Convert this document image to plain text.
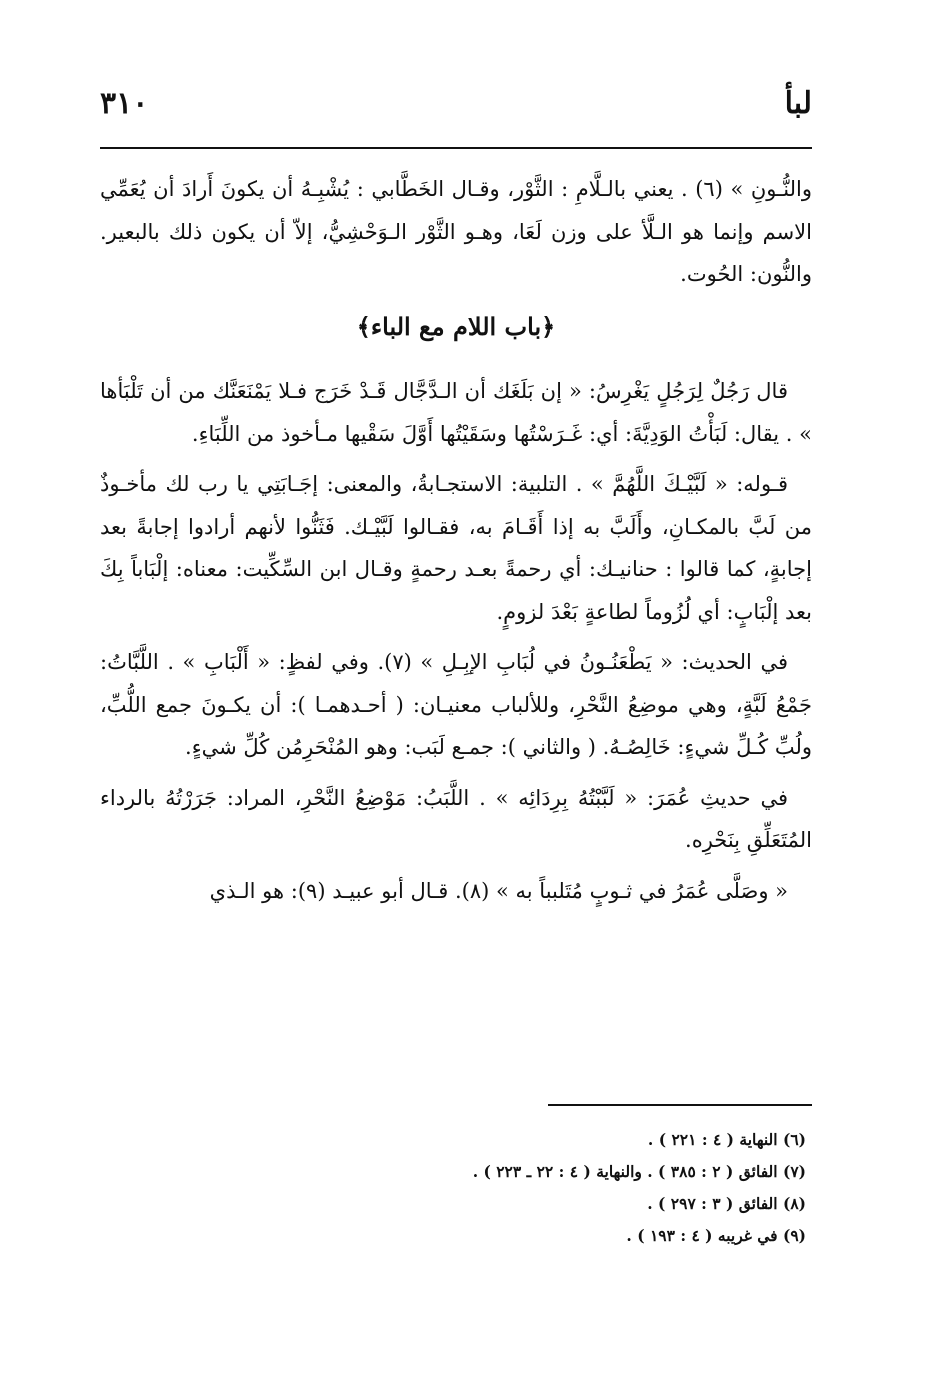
٣١٠	لبأ

والنُّـونِ » (٦) . يعني بالـلَّامِ : الثَّوْر، وقـال الخَطَّابي : يُشْبِـهُ أن يكونَ أَرادَ أن يُعَمِّي الاسم وإنما هو الـلَّأ على وزن لَعَا، وهـو الثَّوْر الـوَحْشِيُّ، إلاّ أن يكون ذلك بالبعير. والنُّون: الحُوت.

﴿باب اللام مع الباء﴾

قال رَجُلٌ لِرَجُلٍ يَغْرِسُ: « إن بَلَغَك أن الـدَّجَّال قَـدْ خَرَج فـلا يَمْنَعَنَّك من أن تَلْبَأها » . يقال: لَبَأْتُ الوَدِيَّةَ: أي: غَـرَسْتُها وسَقَيْتُها أَوَّلَ سَقْيها مـأخوذ من اللِّبَاءِ.

قـوله: « لَبَّيْـكَ اللَّهُمَّ » . التلبية: الاستجـابةُ، والمعنى: إجَـابَتِي يا رب لك مأخـوذٌ من لَبَّ بالمكـانِ، وأَلَبَّ به إذا أَقَـامَ به، فقـالوا لَبَّيْـك. فَثَنُّوا لأنهم أرادوا إجابةً بعد إجابةٍ، كما قالوا : حنانيـك: أي رحمةً بعـد رحمةٍ وقـال ابن السِّكِّيت: معناه: إلْبَاباً بِكَ بعد إلْبَابٍ: أي لُزُوماً لطاعةٍ بَعْدَ لزومٍ.

في الحديث: « يَطْعَنُـونُ في لُبَابِ الإبِـلِ » (٧). وفي لفظٍ: « أَلْبَابِ » . اللَّبَّاتُ: جَمْعُ لَبَّةٍ، وهي موضِعُ النَّحْرِ، وللألباب معنيـان: ( أحـدهمـا ): أن يكـونَ جمع اللُّبِّ، ولُبِّ كُـلِّ شيءٍ: خَالِصُـهُ. ( والثاني ): جمـع لَبَب: وهو المُنْحَرِمُن كُلِّ شيءٍ.

في حديثِ عُمَرَ: « لَبَّبْتُهُ بِرِدَائِه » . اللَّبَبُ: مَوْضِعُ النَّحْرِ، المراد: جَرَرْتُهُ بالرداء المُتَعَلِّقِ بِنَحْرِه.

« وصَلَّى عُمَرُ في ثـوبٍ مُتَلبباً به » (٨). قـال أبو عبيـد (٩): هو الـذي

(٦) النهاية ( ٤ : ٢٢١ ) .
(٧) الفائق ( ٢ : ٣٨٥ ) . والنهاية ( ٤ : ٢٢ ـ ٢٢٣ ) .
(٨) الفائق ( ٣ : ٢٩٧ ) .
(٩) في غريبه ( ٤ : ١٩٣ ) .
